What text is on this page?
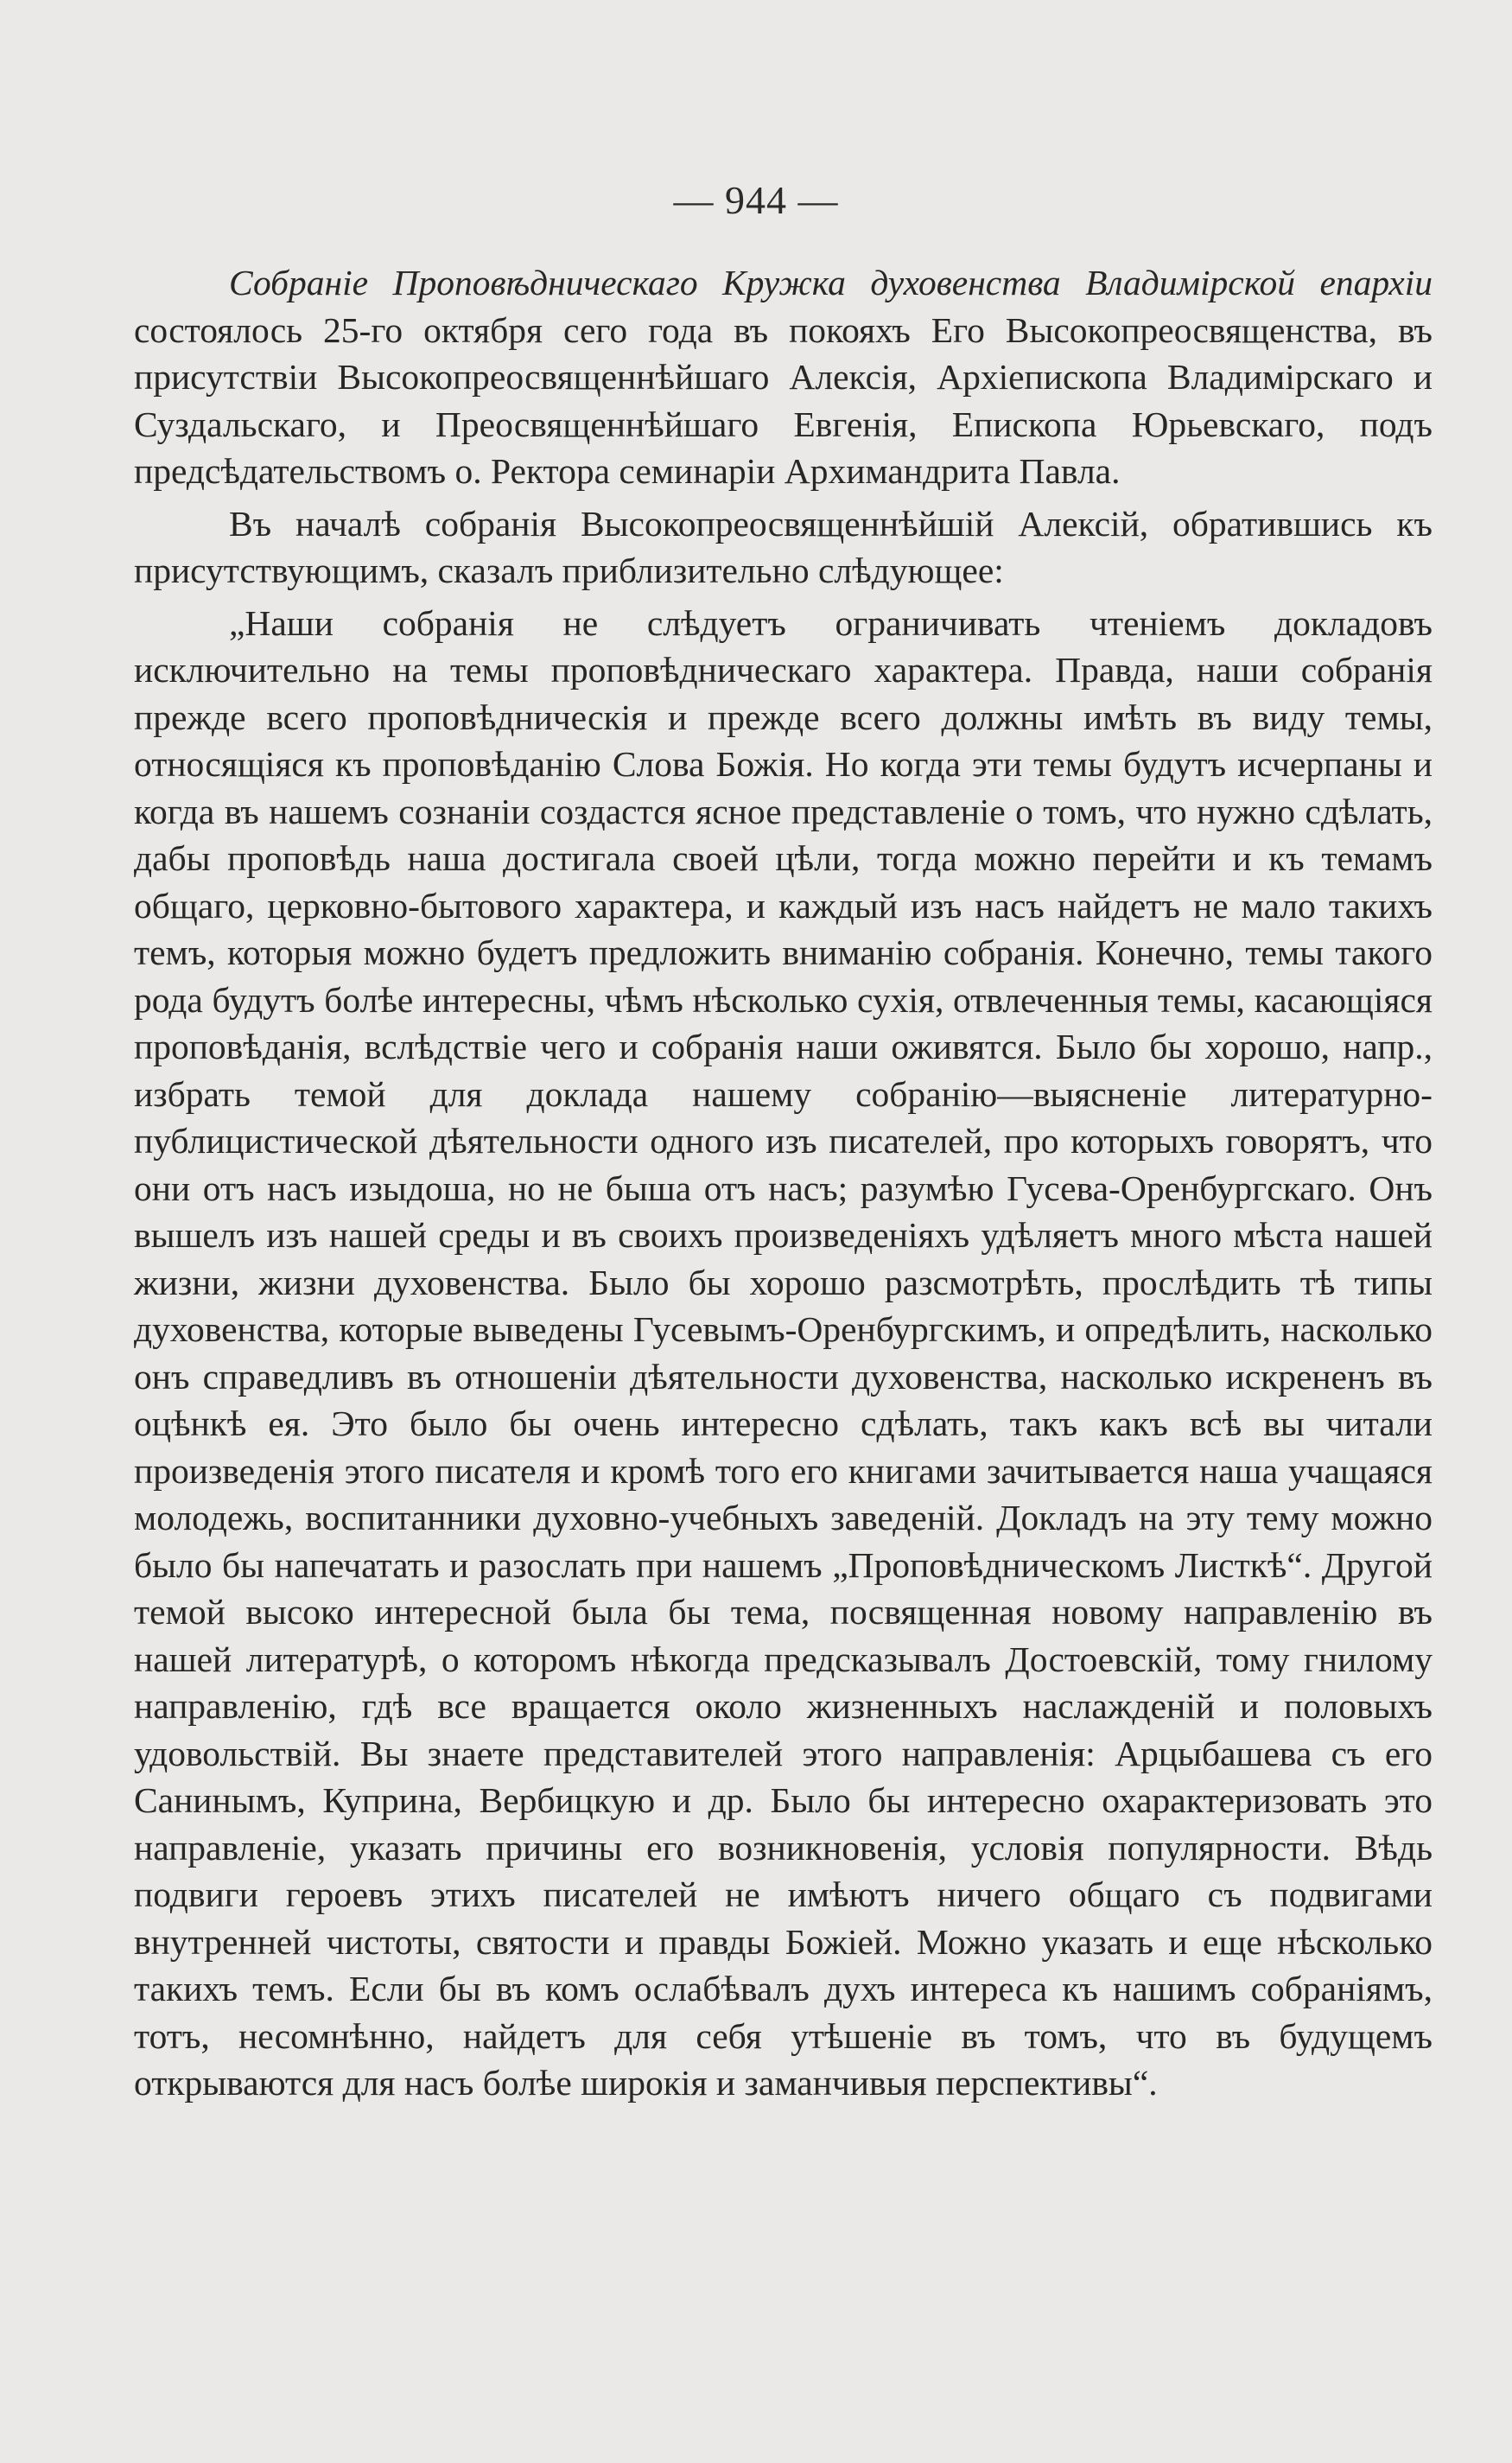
— 944 —

Собраніе Проповѣдническаго Кружка духовенства Владимірской епархіи состоялось 25-го октября сего года въ покояхъ Его Высокопреосвященства, въ присутствіи Высокопреосвященнѣйшаго Алексія, Архіепископа Владимірскаго и Суздальскаго, и Преосвященнѣйшаго Евгенія, Епископа Юрьевскаго, подъ предсѣдательствомъ о. Ректора семинаріи Архимандрита Павла.

Въ началѣ собранія Высокопреосвященнѣйшій Алексій, обратившись къ присутствующимъ, сказалъ приблизительно слѣдующее:

„Наши собранія не слѣдуетъ ограничивать чтеніемъ докладовъ исключительно на темы проповѣдническаго характера. Правда, наши собранія прежде всего проповѣдническія и прежде всего должны имѣть въ виду темы, относящіяся къ проповѣданію Слова Божія. Но когда эти темы будутъ исчерпаны и когда въ нашемъ сознаніи создастся ясное представленіе о томъ, что нужно сдѣлать, дабы проповѣдь наша достигала своей цѣли, тогда можно перейти и къ темамъ общаго, церковно-бытового характера, и каждый изъ насъ найдетъ не мало такихъ темъ, которыя можно будетъ предложить вниманію собранія. Конечно, темы такого рода будутъ болѣе интересны, чѣмъ нѣсколько сухія, отвлеченныя темы, касающіяся проповѣданія, вслѣдствіе чего и собранія наши оживятся. Было бы хорошо, напр., избрать темой для доклада нашему собранію—выясненіе литературно-публицистической дѣятельности одного изъ писателей, про которыхъ говорятъ, что они отъ насъ изыдоша, но не быша отъ насъ; разумѣю Гусева-Оренбургскаго. Онъ вышелъ изъ нашей среды и въ своихъ произведеніяхъ удѣляетъ много мѣста нашей жизни, жизни духовенства. Было бы хорошо разсмотрѣть, прослѣдить тѣ типы духовенства, которые выведены Гусевымъ-Оренбургскимъ, и опредѣлить, насколько онъ справедливъ въ отношеніи дѣятельности духовенства, насколько искрененъ въ оцѣнкѣ ея. Это было бы очень интересно сдѣлать, такъ какъ всѣ вы читали произведенія этого писателя и кромѣ того его книгами зачитывается наша учащаяся молодежь, воспитанники духовно-учебныхъ заведеній. Докладъ на эту тему можно было бы напечатать и разослать при нашемъ „Проповѣдническомъ Листкѣ“. Другой темой высоко интересной была бы тема, посвященная новому направленію въ нашей литературѣ, о которомъ нѣкогда предсказывалъ Достоевскій, тому гнилому направленію, гдѣ все вращается около жизненныхъ наслажденій и половыхъ удовольствій. Вы знаете представителей этого направленія: Арцыбашева съ его Санинымъ, Куприна, Вербицкую и др. Было бы интересно охарактеризовать это направленіе, указать причины его возникновенія, условія популярности. Вѣдь подвиги героевъ этихъ писателей не имѣютъ ничего общаго съ подвигами внутренней чистоты, святости и правды Божіей. Можно указать и еще нѣсколько такихъ темъ. Если бы въ комъ ослабѣвалъ духъ интереса къ нашимъ собраніямъ, тотъ, несомнѣнно, найдетъ для себя утѣшеніе въ томъ, что въ будущемъ открываются для насъ болѣе широкія и заманчивыя перспективы“.
